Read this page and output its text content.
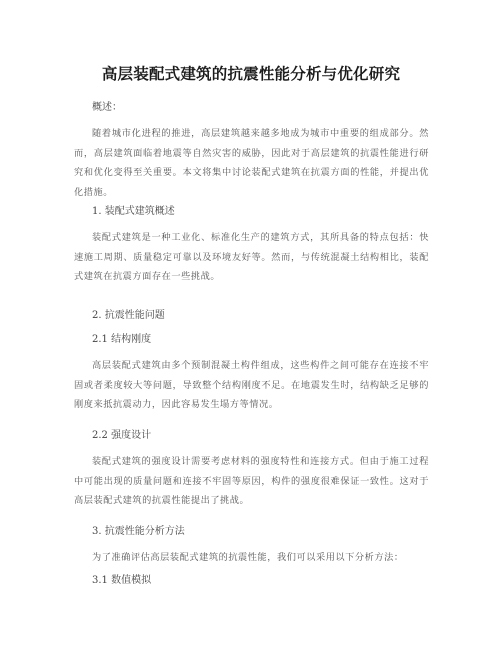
高层装配式建筑的抗震性能分析与优化研究
概述：

随着城市化进程的推进，高层建筑越来越多地成为城市中重要的组成部分。然而，高层建筑面临着地震等自然灾害的威胁，因此对于高层建筑的抗震性能进行研究和优化变得至关重要。本文将集中讨论装配式建筑在抗震方面的性能，并提出优化措施。

1. 装配式建筑概述

装配式建筑是一种工业化、标准化生产的建筑方式，其所具备的特点包括：快速施工周期、质量稳定可靠以及环境友好等。然而，与传统混凝土结构相比，装配式建筑在抗震方面存在一些挑战。

2. 抗震性能问题
2.1 结构刚度

高层装配式建筑由多个预制混凝土构件组成，这些构件之间可能存在连接不牢固或者柔度较大等问题，导致整个结构刚度不足。在地震发生时，结构缺乏足够的刚度来抵抗震动力，因此容易发生塌方等情况。

2.2 强度设计

装配式建筑的强度设计需要考虑材料的强度特性和连接方式。但由于施工过程中可能出现的质量问题和连接不牢固等原因，构件的强度很难保证一致性。这对于高层装配式建筑的抗震性能提出了挑战。

3. 抗震性能分析方法

为了准确评估高层装配式建筑的抗震性能，我们可以采用以下分析方法：

3.1 数值模拟
